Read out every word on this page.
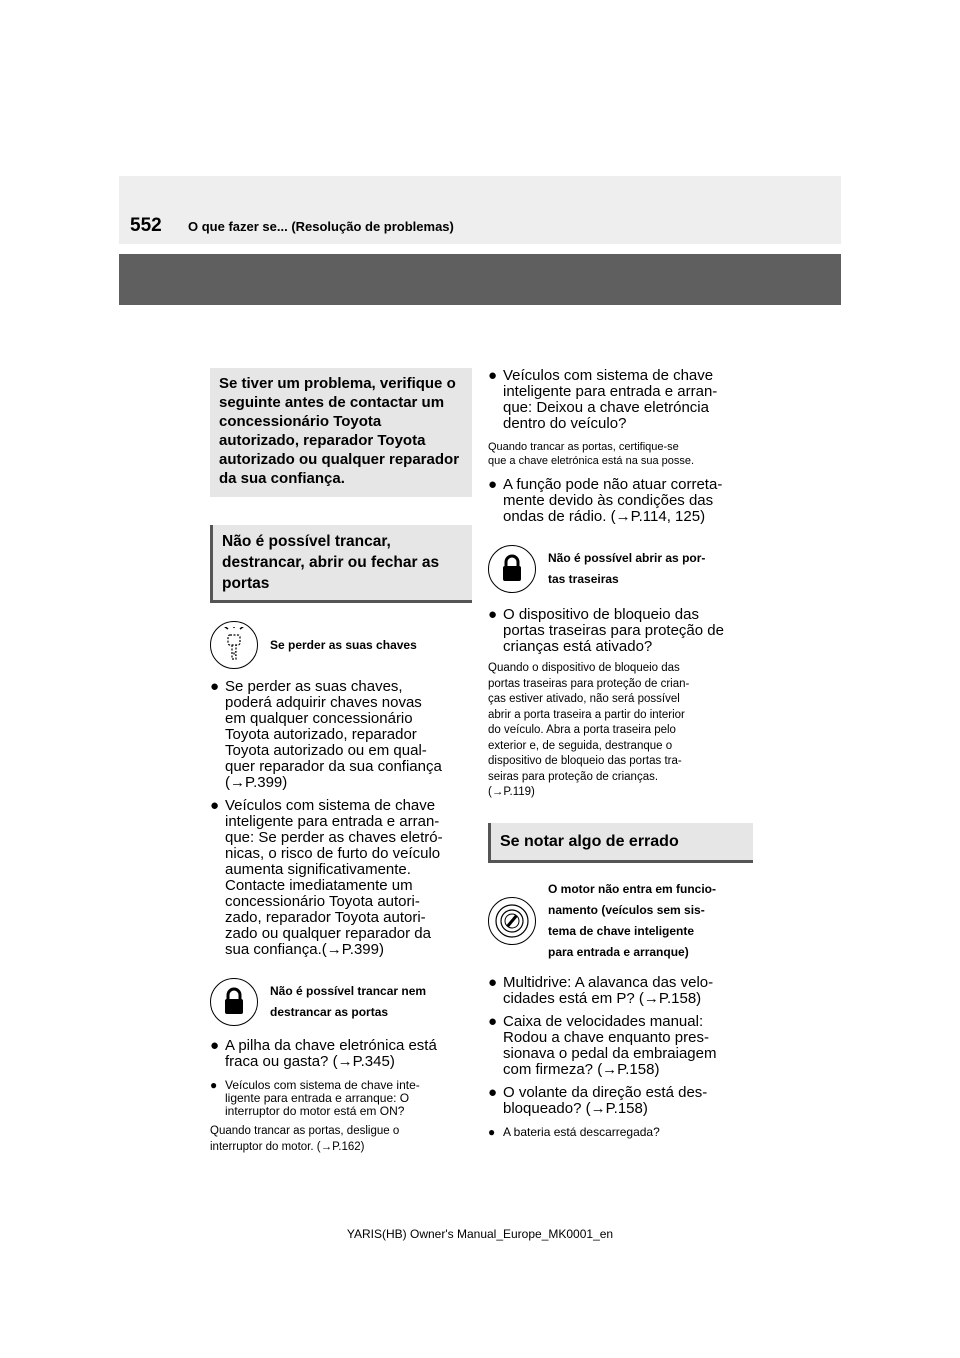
552 O que fazer se... (Resolução de problemas)
Se tiver um problema, verifique o seguinte antes de contactar um concessionário Toyota autorizado, reparador Toyota autorizado ou qualquer reparador da sua confiança.
Não é possível trancar, destrancar, abrir ou fechar as portas
Se perder as suas chaves
● Se perder as suas chaves,
poderá adquirir chaves novas
em qualquer concessionário
Toyota autorizado, reparador
Toyota autorizado ou em qual-
quer reparador da sua confiança
(→P.399)
● Veículos com sistema de chave
inteligente para entrada e arran-
que: Se perder as chaves eletró-
nicas, o risco de furto do veículo
aumenta significativamente.
Contacte imediatamente um
concessionário Toyota autori-
zado, reparador Toyota autori-
zado ou qualquer reparador da
sua confiança.(→P.399)
Não é possível trancar nem
destrancar as portas
● A pilha da chave eletrónica está
fraca ou gasta? (→P.345)
● Veículos com sistema de chave inte-
ligente para entrada e arranque: O
interruptor do motor está em ON?
Quando trancar as portas, desligue o
interruptor do motor. (→P.162)
● Veículos com sistema de chave
inteligente para entrada e arran-
que: Deixou a chave eletróncia
dentro do veículo?
Quando trancar as portas, certifique-se
que a chave eletrónica está na sua posse.
● A função pode não atuar correta-
mente devido às condições das
ondas de rádio. (→P.114, 125)
Não é possível abrir as por-
tas traseiras
● O dispositivo de bloqueio das
portas traseiras para proteção de
crianças está ativado?
Quando o dispositivo de bloqueio das
portas traseiras para proteção de crian-
ças estiver ativado, não será possível
abrir a porta traseira a partir do interior
do veículo. Abra a porta traseira pelo
exterior e, de seguida, destranque o
dispositivo de bloqueio das portas tra-
seiras para proteção de crianças.
(→P.119)
Se notar algo de errado
O motor não entra em funcio-
namento (veículos sem sis-
tema de chave inteligente
para entrada e arranque)
● Multidrive: A alavanca das velo-
cidades está em P? (→P.158)
● Caixa de velocidades manual:
Rodou a chave enquanto pres-
sionava o pedal da embraiagem
com firmeza? (→P.158)
● O volante da direção está des-
bloqueado? (→P.158)
● A bateria está descarregada?
YARIS(HB) Owner's Manual_Europe_MK0001_en
